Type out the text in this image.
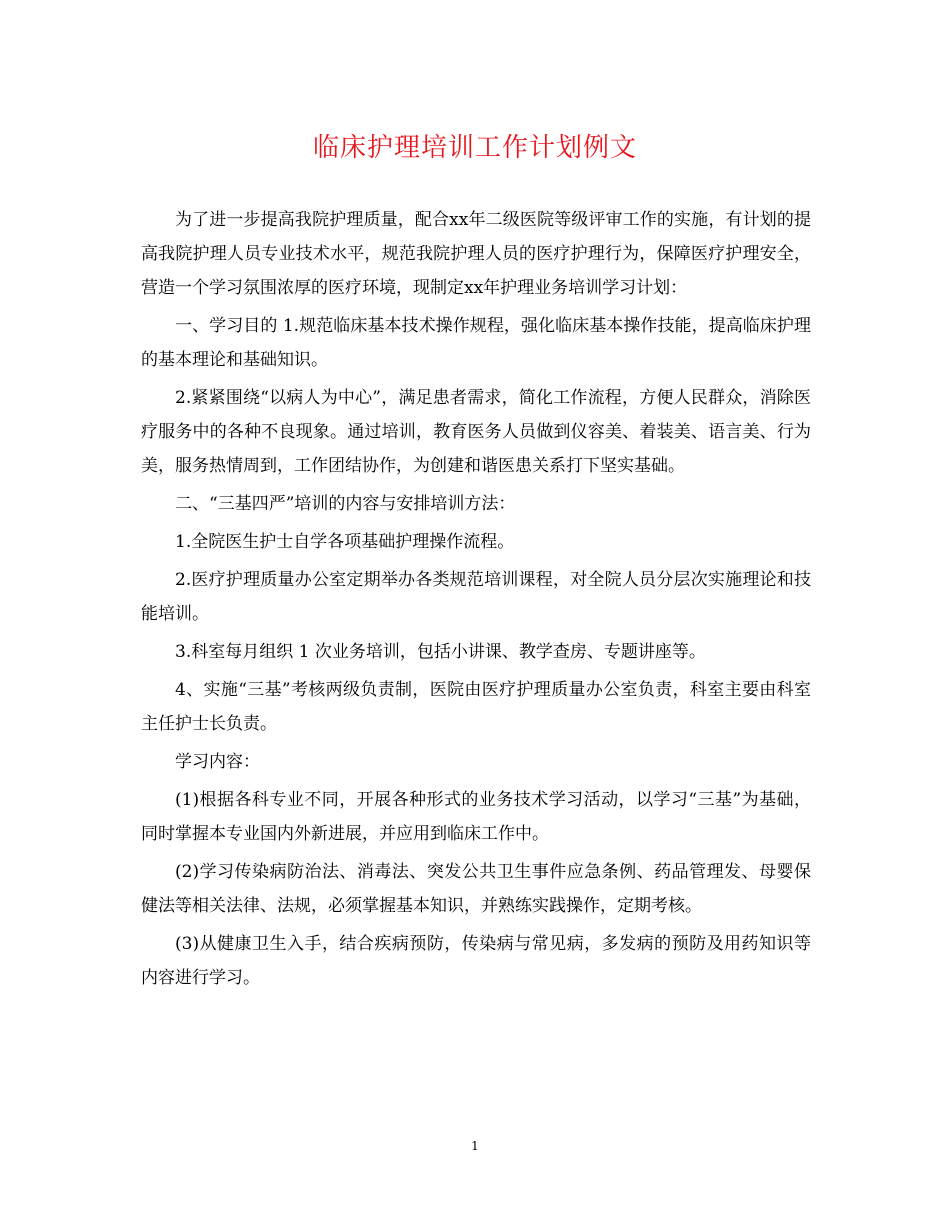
临床护理培训工作计划例文

为了进一步提高我院护理质量，配合xx年二级医院等级评审工作的实施，有计划的提高我院护理人员专业技术水平，规范我院护理人员的医疗护理行为，保障医疗护理安全，营造一个学习氛围浓厚的医疗环境，现制定xx年护理业务培训学习计划：

一、学习目的 1.规范临床基本技术操作规程，强化临床基本操作技能，提高临床护理的基本理论和基础知识。

2.紧紧围绕“以病人为中心”，满足患者需求，简化工作流程，方便人民群众，消除医疗服务中的各种不良现象。通过培训，教育医务人员做到仪容美、着装美、语言美、行为美，服务热情周到，工作团结协作，为创建和谐医患关系打下坚实基础。

二、“三基四严”培训的内容与安排培训方法：

1.全院医生护士自学各项基础护理操作流程。

2.医疗护理质量办公室定期举办各类规范培训课程，对全院人员分层次实施理论和技能培训。

3.科室每月组织 1 次业务培训，包括小讲课、教学查房、专题讲座等。

4、实施“三基”考核两级负责制，医院由医疗护理质量办公室负责，科室主要由科室主任护士长负责。

学习内容：

(1)根据各科专业不同，开展各种形式的业务技术学习活动，以学习“三基”为基础，同时掌握本专业国内外新进展，并应用到临床工作中。

(2)学习传染病防治法、消毒法、突发公共卫生事件应急条例、药品管理发、母婴保健法等相关法律、法规，必须掌握基本知识，并熟练实践操作，定期考核。

(3)从健康卫生入手，结合疾病预防，传染病与常见病，多发病的预防及用药知识等内容进行学习。

1
